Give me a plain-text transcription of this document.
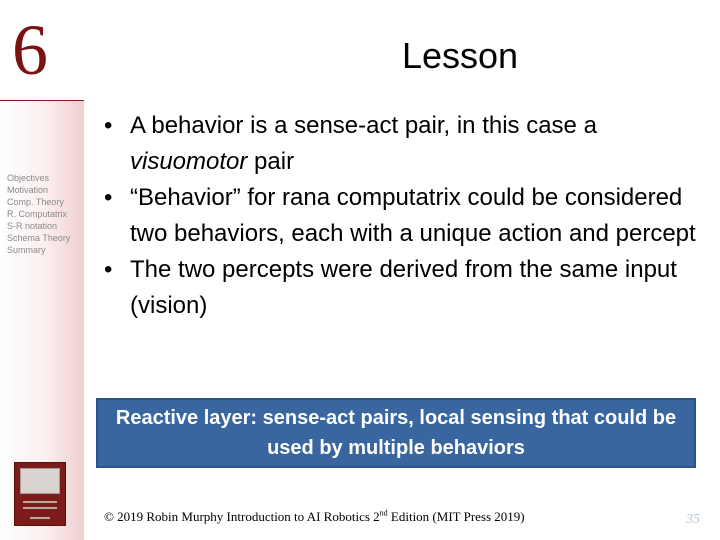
6	Lesson
Objectives
Motivation
Comp. Theory
R. Computatrix
S-R notation
Schema Theory
Summary
• A behavior is a sense-act pair, in this case a visuomotor pair
• “Behavior” for rana computatrix could be considered two behaviors, each with a unique action and percept
• The two percepts were derived from the same input (vision)
Reactive layer: sense-act pairs, local sensing that could be used by multiple behaviors
© 2019 Robin Murphy Introduction to AI Robotics 2nd Edition (MIT Press 2019)	35
